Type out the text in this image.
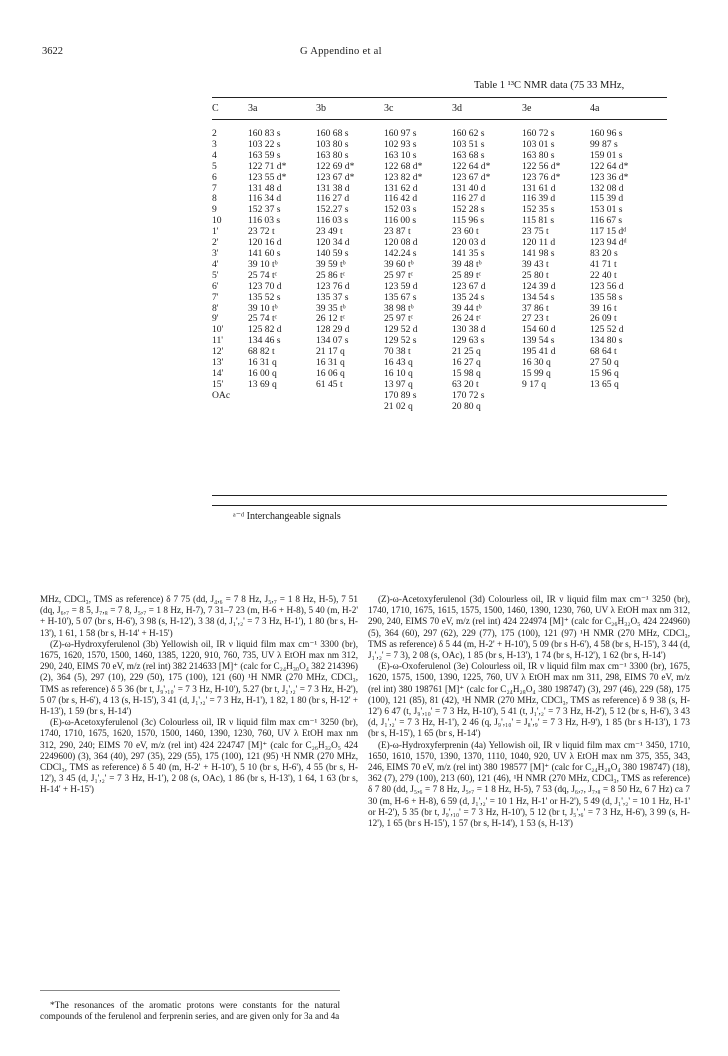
3622	G Appendino et al
Table 1 ¹³C NMR data (75 33 MHz,
C	3a	3b	3c	3d	3e	4a

2	160 83 s	160 68 s	160 97 s	160 62 s	160 72 s	160 96 s
3	103 22 s	103 80 s	102 93 s	103 51 s	103 01 s	99 87 s
4	163 59 s	163 80 s	163 10 s	163 68 s	163 80 s	159 01 s
5	122 71 d*	122 69 d*	122 68 d*	122 64 d*	122 56 d*	122 64 d*
6	123 55 d*	123 67 d*	123 82 d*	123 67 d*	123 76 d*	123 36 d*
7	131 48 d	131 38 d	131 62 d	131 40 d	131 61 d	132 08 d
8	116 34 d	116 27 d	116 42 d	116 27 d	116 39 d	115 39 d
9	152 37 s	152.27 s	152 03 s	152 28 s	152 35 s	153 01 s
10	116 03 s	116 03 s	116 00 s	115 96 s	115 81 s	116 67 s
1'	23 72 t	23 49 t	23 87 t	23 60 t	23 75 t	117 15 dᵈ
2'	120 16 d	120 34 d	120 08 d	120 03 d	120 11 d	123 94 dᵈ
3'	141 60 s	140 59 s	142.24 s	141 35 s	141 98 s	83 20 s
4'	39 10 tᵇ	39 59 tᵇ	39 60 tᵇ	39 48 tᵇ	39 43 t	41 71 t
5'	25 74 tᶜ	25 86 tᶜ	25 97 tᶜ	25 89 tᶜ	25 80 t	22 40 t
6'	123 70 d	123 76 d	123 59 d	123 67 d	124 39 d	123 56 d
7'	135 52 s	135 37 s	135 67 s	135 24 s	134 54 s	135 58 s
8'	39 10 tᵇ	39 35 tᵇ	38 98 tᵇ	39 44 tᵇ	37 86 t	39 16 t
9'	25 74 tᶜ	26 12 tᶜ	25 97 tᶜ	26 24 tᶜ	27 23 t	26 09 t
10'	125 82 d	128 29 d	129 52 d	130 38 d	154 60 d	125 52 d
11'	134 46 s	134 07 s	129 52 s	129 63 s	139 54 s	134 80 s
12'	68 82 t	21 17 q	70 38 t	21 25 q	195 41 d	68 64 t
13'	16 31 q	16 31 q	16 43 q	16 27 q	16 30 q	27 50 q
14'	16 00 q	16 06 q	16 10 q	15 98 q	15 99 q	15 96 q
15'	13 69 q	61 45 t	13 97 q	63 20 t	9 17 q	13 65 q
OAc			170 89 s	170 72 s		
			21 02 q	20 80 q		
ᵃ⁻ᵈ Interchangeable signals

MHz, CDCl₃, TMS as reference) δ 7 75 (dd, J₄,₆ = 7 8 Hz, J₅,₇ = 1 8 Hz, H-5), 7 51 (dq, J₆,₇ = 8 5, J₇,₈ = 7 8, J₅,₇ = 1 8 Hz, H-7), 7 31–7 23 (m, H-6 + H-8), 5 40 (m, H-2' + H-10'), 5 07 (br s, H-6'), 3 98 (s, H-12'), 3 38 (d, J₁',₂' = 7 3 Hz, H-1'), 1 80 (br s, H-13'), 1 61, 1 58 (br s, H-14' + H-15')

(Z)-ω-Hydroxyferulenol (3b) Yellowish oil, IR ν liquid film max cm⁻¹ 3300 (br), 1675, 1620, 1570, 1500, 1460, 1385, 1220, 910, 760, 735, UV λ EtOH max nm 312, 290, 240, EIMS 70 eV, m/z (rel int) 382 214633 [M]⁺ (calc for C₂₄H₃₀O₄ 382 214396) (2), 364 (5), 297 (10), 229 (50), 175 (100), 121 (60) ¹H NMR (270 MHz, CDCl₃, TMS as reference) δ 5 36 (br t, J₉',₁₀' = 7 3 Hz, H-10'), 5.27 (br t, J₁',₂' = 7 3 Hz, H-2'), 5 07 (br s, H-6'), 4 13 (s, H-15'), 3 41 (d, J₁',₂' = 7 3 Hz, H-1'), 1 82, 1 80 (br s, H-12' + H-13'), 1 59 (br s, H-14')

(E)-ω-Acetoxyferulenol (3c) Colourless oil, IR ν liquid film max cm⁻¹ 3250 (br), 1740, 1710, 1675, 1620, 1570, 1500, 1460, 1390, 1230, 760, UV λ EtOH max nm 312, 290, 240; EIMS 70 eV, m/z (rel int) 424 224747 [M]⁺ (calc for C₂₆H₃₂O₅ 424 2249600) (3), 364 (40), 297 (35), 229 (55), 175 (100), 121 (95) ¹H NMR (270 MHz, CDCl₃, TMS as reference) δ 5 40 (m, H-2' + H-10'), 5 10 (br s, H-6'), 4 55 (br s, H-12'), 3 45 (d, J₁',₂' = 7 3 Hz, H-1'), 2 08 (s, OAc), 1 86 (br s, H-13'), 1 64, 1 63 (br s, H-14' + H-15')

*The resonances of the aromatic protons were constants for the natural compounds of the ferulenol and ferprenin series, and are given only for 3a and 4a

(Z)-ω-Acetoxyferulenol (3d) Colourless oil, IR ν liquid film max cm⁻¹ 3250 (br), 1740, 1710, 1675, 1615, 1575, 1500, 1460, 1390, 1230, 760, UV λ EtOH max nm 312, 290, 240, EIMS 70 eV, m/z (rel int) 424 224974 [M]⁺ (calc for C₂₆H₃₂O₅ 424 224960) (5), 364 (60), 297 (62), 229 (77), 175 (100), 121 (97) ¹H NMR (270 MHz, CDCl₃, TMS as reference) δ 5 44 (m, H-2' + H-10'), 5 09 (br s H-6'), 4 58 (br s, H-15'), 3 44 (d, J₁',₂' = 7 3), 2 08 (s, OAc), 1 85 (br s, H-13'), 1 74 (br s, H-12'), 1 62 (br s, H-14')

(E)-ω-Oxoferulenol (3e) Colourless oil, IR ν liquid film max cm⁻¹ 3300 (br), 1675, 1620, 1575, 1500, 1390, 1225, 760, UV λ EtOH max nm 311, 298, EIMS 70 eV, m/z (rel int) 380 198761 [M]⁺ (calc for C₂₄H₂₈O₄ 380 198747) (3), 297 (46), 229 (58), 175 (100), 121 (85), 81 (42), ¹H NMR (270 MHz, CDCl₃, TMS as reference) δ 9 38 (s, H-12') 6 47 (t, J₉',₁₀' = 7 3 Hz, H-10'), 5 41 (t, J₁',₂' = 7 3 Hz, H-2'), 5 12 (br s, H-6'), 3 43 (d, J₁',₂' = 7 3 Hz, H-1'), 2 46 (q, J₉',₁₀' = J₈',₉' = 7 3 Hz, H-9'), 1 85 (br s H-13'), 1 73 (br s, H-15'), 1 65 (br s, H-14')

(E)-ω-Hydroxyferprenin (4a) Yellowish oil, IR ν liquid film max cm⁻¹ 3450, 1710, 1650, 1610, 1570, 1390, 1370, 1110, 1040, 920, UV λ EtOH max nm 375, 355, 343, 246, EIMS 70 eV, m/z (rel int) 380 198577 [M]⁺ (calc for C₂₄H₂₈O₄ 380 198747) (18), 362 (7), 279 (100), 213 (60), 121 (46), ¹H NMR (270 MHz, CDCl₃, TMS as reference) δ 7 80 (dd, J₅,₆ = 7 8 Hz, J₅,₇ = 1 8 Hz, H-5), 7 53 (dq, J₆,₇, J₇,₈ = 8 50 Hz, 6 7 Hz) ca 7 30 (m, H-6 + H-8), 6 59 (d, J₁',₂' = 10 1 Hz, H-1' or H-2'), 5 49 (d, J₁',₂' = 10 1 Hz, H-1' or H-2'), 5 35 (br t, J₉',₁₀' = 7 3 Hz, H-10'), 5 12 (br t, J₅',₆' = 7 3 Hz, H-6'), 3 99 (s, H-12'), 1 65 (br s H-15'), 1 57 (br s, H-14'), 1 53 (s, H-13')
